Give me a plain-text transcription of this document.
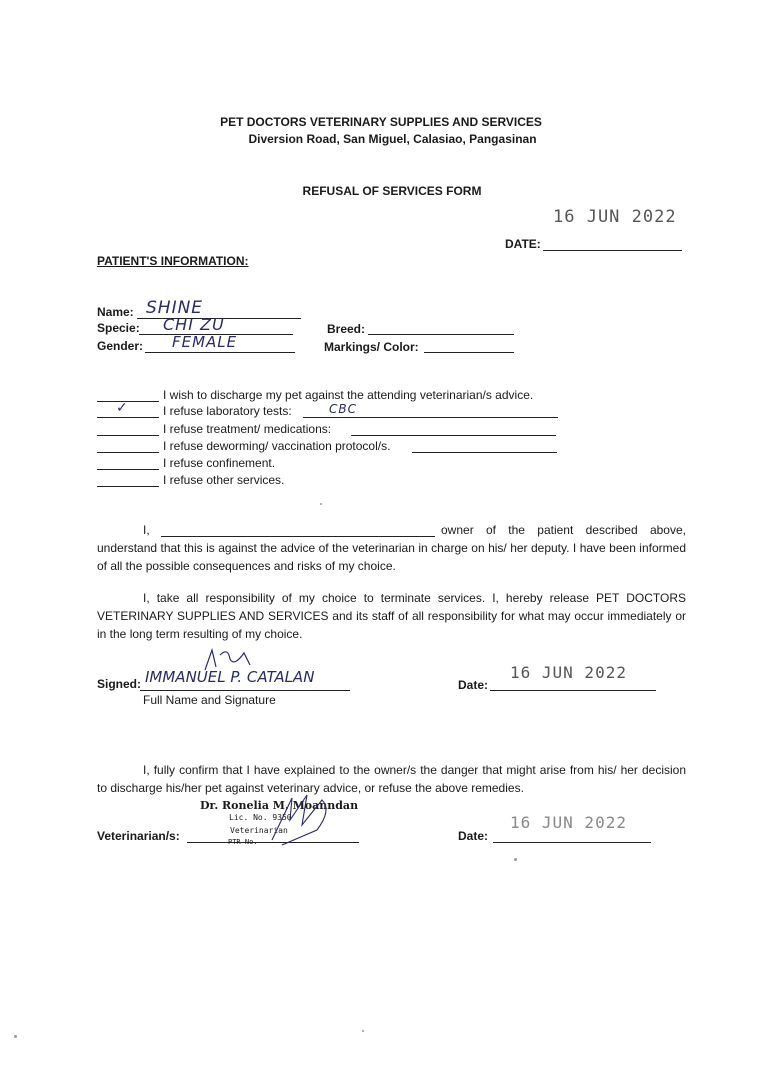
PET DOCTORS VETERINARY SUPPLIES AND SERVICES
Diversion Road, San Miguel, Calasiao, Pangasinan
REFUSAL OF SERVICES FORM
16 JUN 2022
DATE:
PATIENT'S INFORMATION:
Name: SHINE
Specie: CHI ZU
Gender: FEMALE
Breed:
Markings/ Color:
I wish to discharge my pet against the attending veterinarian/s advice.
✓	I refuse laboratory tests:	CBC
I refuse treatment/ medications:
I refuse deworming/ vaccination protocol/s.
I refuse confinement.
I refuse other services.
I,	owner of the patient described above,
understand that this is against the advice of the veterinarian in charge on his/ her deputy. I have been informed of all the possible consequences and risks of my choice.
I, take all responsibility of my choice to terminate services. I, hereby release PET DOCTORS VETERINARY SUPPLIES AND SERVICES and its staff of all responsibility for what may occur immediately or in the long term resulting of my choice.
Signed: IMMANUEL P. CATALAN
Full Name and Signature
Date:
16 JUN 2022
I, fully confirm that I have explained to the owner/s the danger that might arise from his/ her decision to discharge his/her pet against veterinary advice, or refuse the above remedies.
Veterinarian/s:
Dr. Ronelia M. Moanndan
Lic. No. 9350
Veterinarian
PTR No.	Date:
16 JUN 2022
